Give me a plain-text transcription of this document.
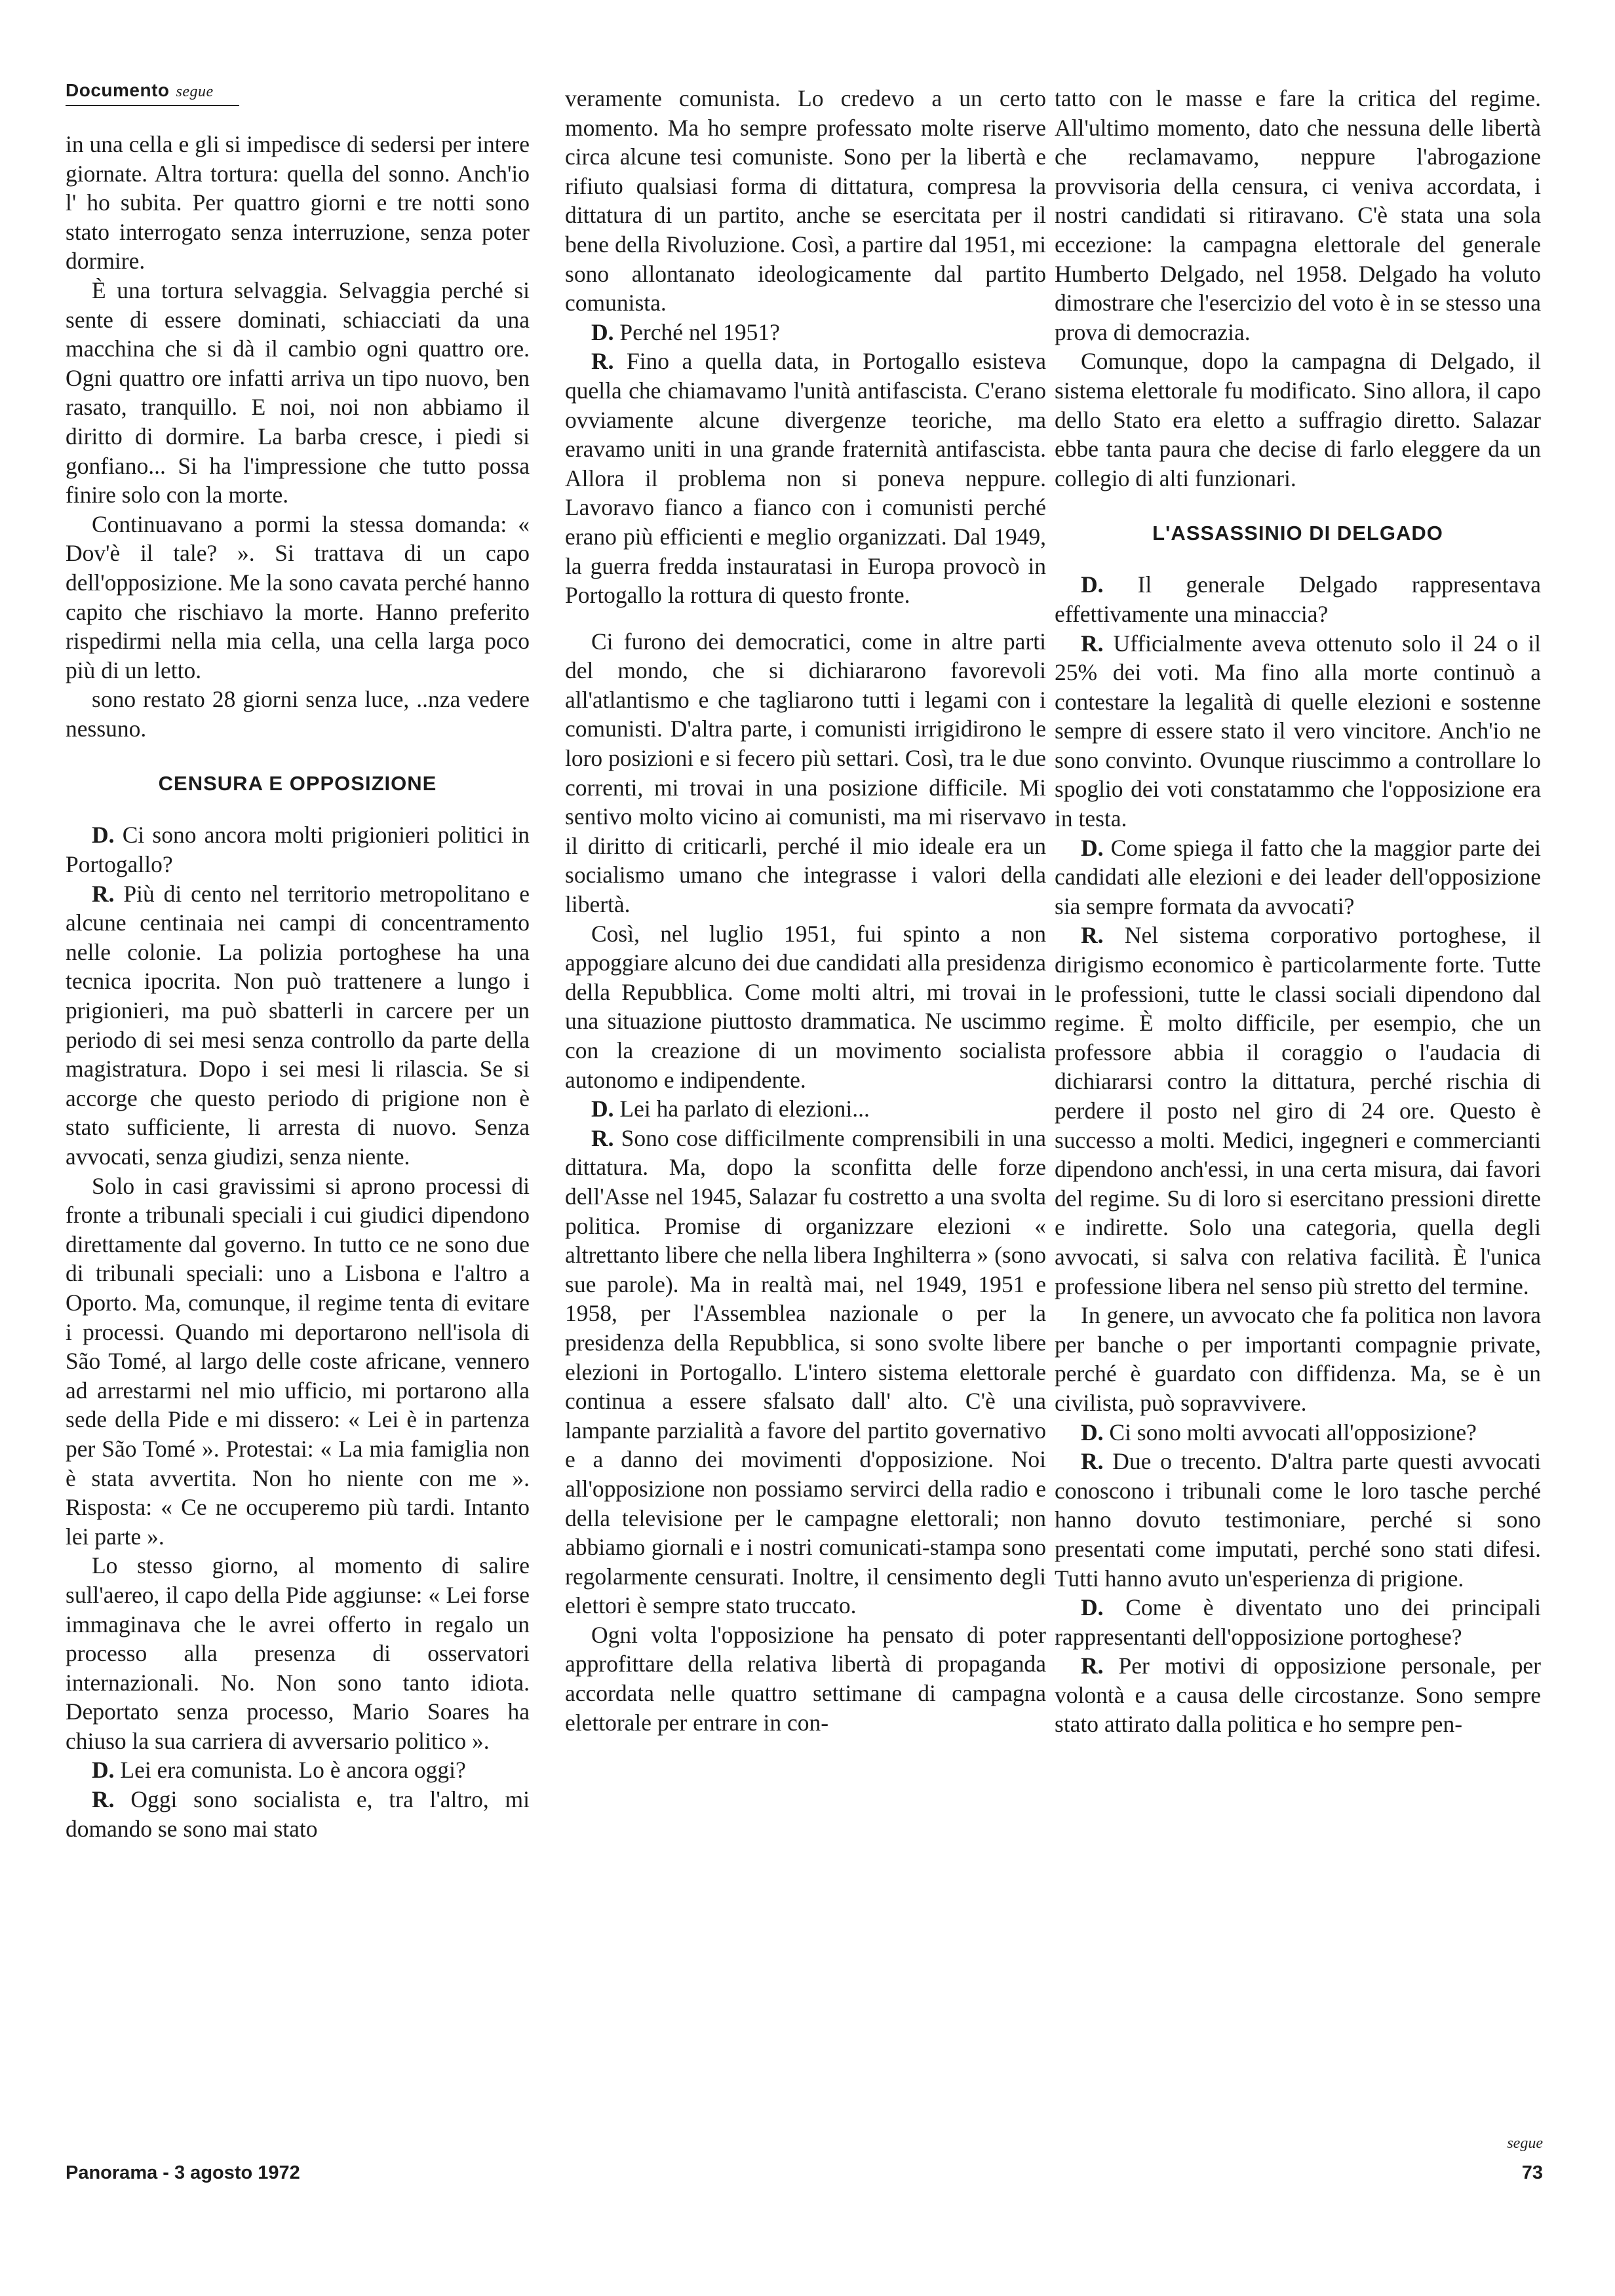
Documento segue

in una cella e gli si impedisce di sedersi per intere giornate. Altra tortura: quella del sonno. Anch'io l' ho subita. Per quattro giorni e tre notti sono stato interrogato senza interruzione, senza poter dormire.

È una tortura selvaggia. Selvaggia perché si sente di essere dominati, schiacciati da una macchina che si dà il cambio ogni quattro ore. Ogni quattro ore infatti arriva un tipo nuovo, ben rasato, tranquillo. E noi, noi non abbiamo il diritto di dormire. La barba cresce, i piedi si gonfiano... Si ha l'impressione che tutto possa finire solo con la morte.

Continuavano a pormi la stessa domanda: « Dov'è il tale? ». Si trattava di un capo dell'opposizione. Me la sono cavata perché hanno capito che rischiavo la morte. Hanno preferito rispedirmi nella mia cella, una cella larga poco più di un letto.

sono restato 28 giorni senza luce, ..nza vedere nessuno.

CENSURA E OPPOSIZIONE

D. Ci sono ancora molti prigionieri politici in Portogallo?

R. Più di cento nel territorio metropolitano e alcune centinaia nei campi di concentramento nelle colonie. La polizia portoghese ha una tecnica ipocrita. Non può trattenere a lungo i prigionieri, ma può sbatterli in carcere per un periodo di sei mesi senza controllo da parte della magistratura. Dopo i sei mesi li rilascia. Se si accorge che questo periodo di prigione non è stato sufficiente, li arresta di nuovo. Senza avvocati, senza giudizi, senza niente.

Solo in casi gravissimi si aprono processi di fronte a tribunali speciali i cui giudici dipendono direttamente dal governo. In tutto ce ne sono due di tribunali speciali: uno a Lisbona e l'altro a Oporto. Ma, comunque, il regime tenta di evitare i processi. Quando mi deportarono nell'isola di São Tomé, al largo delle coste africane, vennero ad arrestarmi nel mio ufficio, mi portarono alla sede della Pide e mi dissero: « Lei è in partenza per São Tomé ». Protestai: « La mia famiglia non è stata avvertita. Non ho niente con me ». Risposta: « Ce ne occuperemo più tardi. Intanto lei parte ».

Lo stesso giorno, al momento di salire sull'aereo, il capo della Pide aggiunse: « Lei forse immaginava che le avrei offerto in regalo un processo alla presenza di osservatori internazionali. No. Non sono tanto idiota. Deportato senza processo, Mario Soares ha chiuso la sua carriera di avversario politico ».

D. Lei era comunista. Lo è ancora oggi?

R. Oggi sono socialista e, tra l'altro, mi domando se sono mai stato

veramente comunista. Lo credevo a un certo momento. Ma ho sempre professato molte riserve circa alcune tesi comuniste. Sono per la libertà e rifiuto qualsiasi forma di dittatura, compresa la dittatura di un partito, anche se esercitata per il bene della Rivoluzione. Così, a partire dal 1951, mi sono allontanato ideologicamente dal partito comunista.

D. Perché nel 1951?

R. Fino a quella data, in Portogallo esisteva quella che chiamavamo l'unità antifascista. C'erano ovviamente alcune divergenze teoriche, ma eravamo uniti in una grande fraternità antifascista. Allora il problema non si poneva neppure. Lavoravo fianco a fianco con i comunisti perché erano più efficienti e meglio organizzati. Dal 1949, la guerra fredda instauratasi in Europa provocò in Portogallo la rottura di questo fronte.

Ci furono dei democratici, come in altre parti del mondo, che si dichiararono favorevoli all'atlantismo e che tagliarono tutti i legami con i comunisti. D'altra parte, i comunisti irrigidirono le loro posizioni e si fecero più settari. Così, tra le due correnti, mi trovai in una posizione difficile. Mi sentivo molto vicino ai comunisti, ma mi riservavo il diritto di criticarli, perché il mio ideale era un socialismo umano che integrasse i valori della libertà.

Così, nel luglio 1951, fui spinto a non appoggiare alcuno dei due candidati alla presidenza della Repubblica. Come molti altri, mi trovai in una situazione piuttosto drammatica. Ne uscimmo con la creazione di un movimento socialista autonomo e indipendente.

D. Lei ha parlato di elezioni...

R. Sono cose difficilmente comprensibili in una dittatura. Ma, dopo la sconfitta delle forze dell'Asse nel 1945, Salazar fu costretto a una svolta politica. Promise di organizzare elezioni « altrettanto libere che nella libera Inghilterra » (sono sue parole). Ma in realtà mai, nel 1949, 1951 e 1958, per l'Assemblea nazionale o per la presidenza della Repubblica, si sono svolte libere elezioni in Portogallo. L'intero sistema elettorale continua a essere sfalsato dall' alto. C'è una lampante parzialità a favore del partito governativo e a danno dei movimenti d'opposizione. Noi all'opposizione non possiamo servirci della radio e della televisione per le campagne elettorali; non abbiamo giornali e i nostri comunicati-stampa sono regolarmente censurati. Inoltre, il censimento degli elettori è sempre stato truccato.

Ogni volta l'opposizione ha pensato di poter approfittare della relativa libertà di propaganda accordata nelle quattro settimane di campagna elettorale per entrare in con-

tatto con le masse e fare la critica del regime. All'ultimo momento, dato che nessuna delle libertà che reclamavamo, neppure l'abrogazione provvisoria della censura, ci veniva accordata, i nostri candidati si ritiravano. C'è stata una sola eccezione: la campagna elettorale del generale Humberto Delgado, nel 1958. Delgado ha voluto dimostrare che l'esercizio del voto è in se stesso una prova di democrazia.

Comunque, dopo la campagna di Delgado, il sistema elettorale fu modificato. Sino allora, il capo dello Stato era eletto a suffragio diretto. Salazar ebbe tanta paura che decise di farlo eleggere da un collegio di alti funzionari.

L'ASSASSINIO DI DELGADO

D. Il generale Delgado rappresentava effettivamente una minaccia?

R. Ufficialmente aveva ottenuto solo il 24 o il 25% dei voti. Ma fino alla morte continuò a contestare la legalità di quelle elezioni e sostenne sempre di essere stato il vero vincitore. Anch'io ne sono convinto. Ovunque riuscimmo a controllare lo spoglio dei voti constatammo che l'opposizione era in testa.

D. Come spiega il fatto che la maggior parte dei candidati alle elezioni e dei leader dell'opposizione sia sempre formata da avvocati?

R. Nel sistema corporativo portoghese, il dirigismo economico è particolarmente forte. Tutte le professioni, tutte le classi sociali dipendono dal regime. È molto difficile, per esempio, che un professore abbia il coraggio o l'audacia di dichiararsi contro la dittatura, perché rischia di perdere il posto nel giro di 24 ore. Questo è successo a molti. Medici, ingegneri e commercianti dipendono anch'essi, in una certa misura, dai favori del regime. Su di loro si esercitano pressioni dirette e indirette. Solo una categoria, quella degli avvocati, si salva con relativa facilità. È l'unica professione libera nel senso più stretto del termine.

In genere, un avvocato che fa politica non lavora per banche o per importanti compagnie private, perché è guardato con diffidenza. Ma, se è un civilista, può sopravvivere.

D. Ci sono molti avvocati all'opposizione?

R. Due o trecento. D'altra parte questi avvocati conoscono i tribunali come le loro tasche perché hanno dovuto testimoniare, perché si sono presentati come imputati, perché sono stati difesi. Tutti hanno avuto un'esperienza di prigione.

D. Come è diventato uno dei principali rappresentanti dell'opposizione portoghese?

R. Per motivi di opposizione personale, per volontà e a causa delle circostanze. Sono sempre stato attirato dalla politica e ho sempre pen-

Panorama - 3 agosto 1972
segue
73
